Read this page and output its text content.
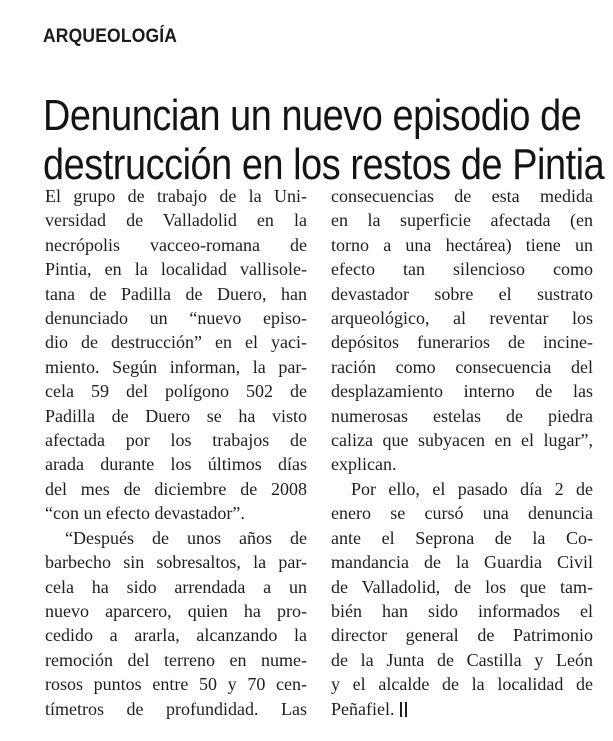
ARQUEOLOGÍA
Denuncian un nuevo episodio de
destrucción en los restos de Pintia
El grupo de trabajo de la Uni-
versidad de Valladolid en la
necrópolis vacceo-romana de
Pintia, en la localidad vallisole-
tana de Padilla de Duero, han
denunciado un “nuevo episo-
dio de destrucción” en el yaci-
miento. Según informan, la par-
cela 59 del polígono 502 de
Padilla de Duero se ha visto
afectada por los trabajos de
arada durante los últimos días
del mes de diciembre de 2008
“con un efecto devastador”.
“Después de unos años de
barbecho sin sobresaltos, la par-
cela ha sido arrendada a un
nuevo aparcero, quien ha pro-
cedido a ararla, alcanzando la
remoción del terreno en nume-
rosos puntos entre 50 y 70 cen-
tímetros de profundidad. Las
consecuencias de esta medida
en la superficie afectada (en
torno a una hectárea) tiene un
efecto tan silencioso como
devastador sobre el sustrato
arqueológico, al reventar los
depósitos funerarios de incine-
ración como consecuencia del
desplazamiento interno de las
numerosas estelas de piedra
caliza que subyacen en el lugar”,
explican.
Por ello, el pasado día 2 de
enero se cursó una denuncia
ante el Seprona de la Co-
mandancia de la Guardia Civil
de Valladolid, de los que tam-
bién han sido informados el
director general de Patrimonio
de la Junta de Castilla y León
y el alcalde de la localidad de
Peñafiel.
